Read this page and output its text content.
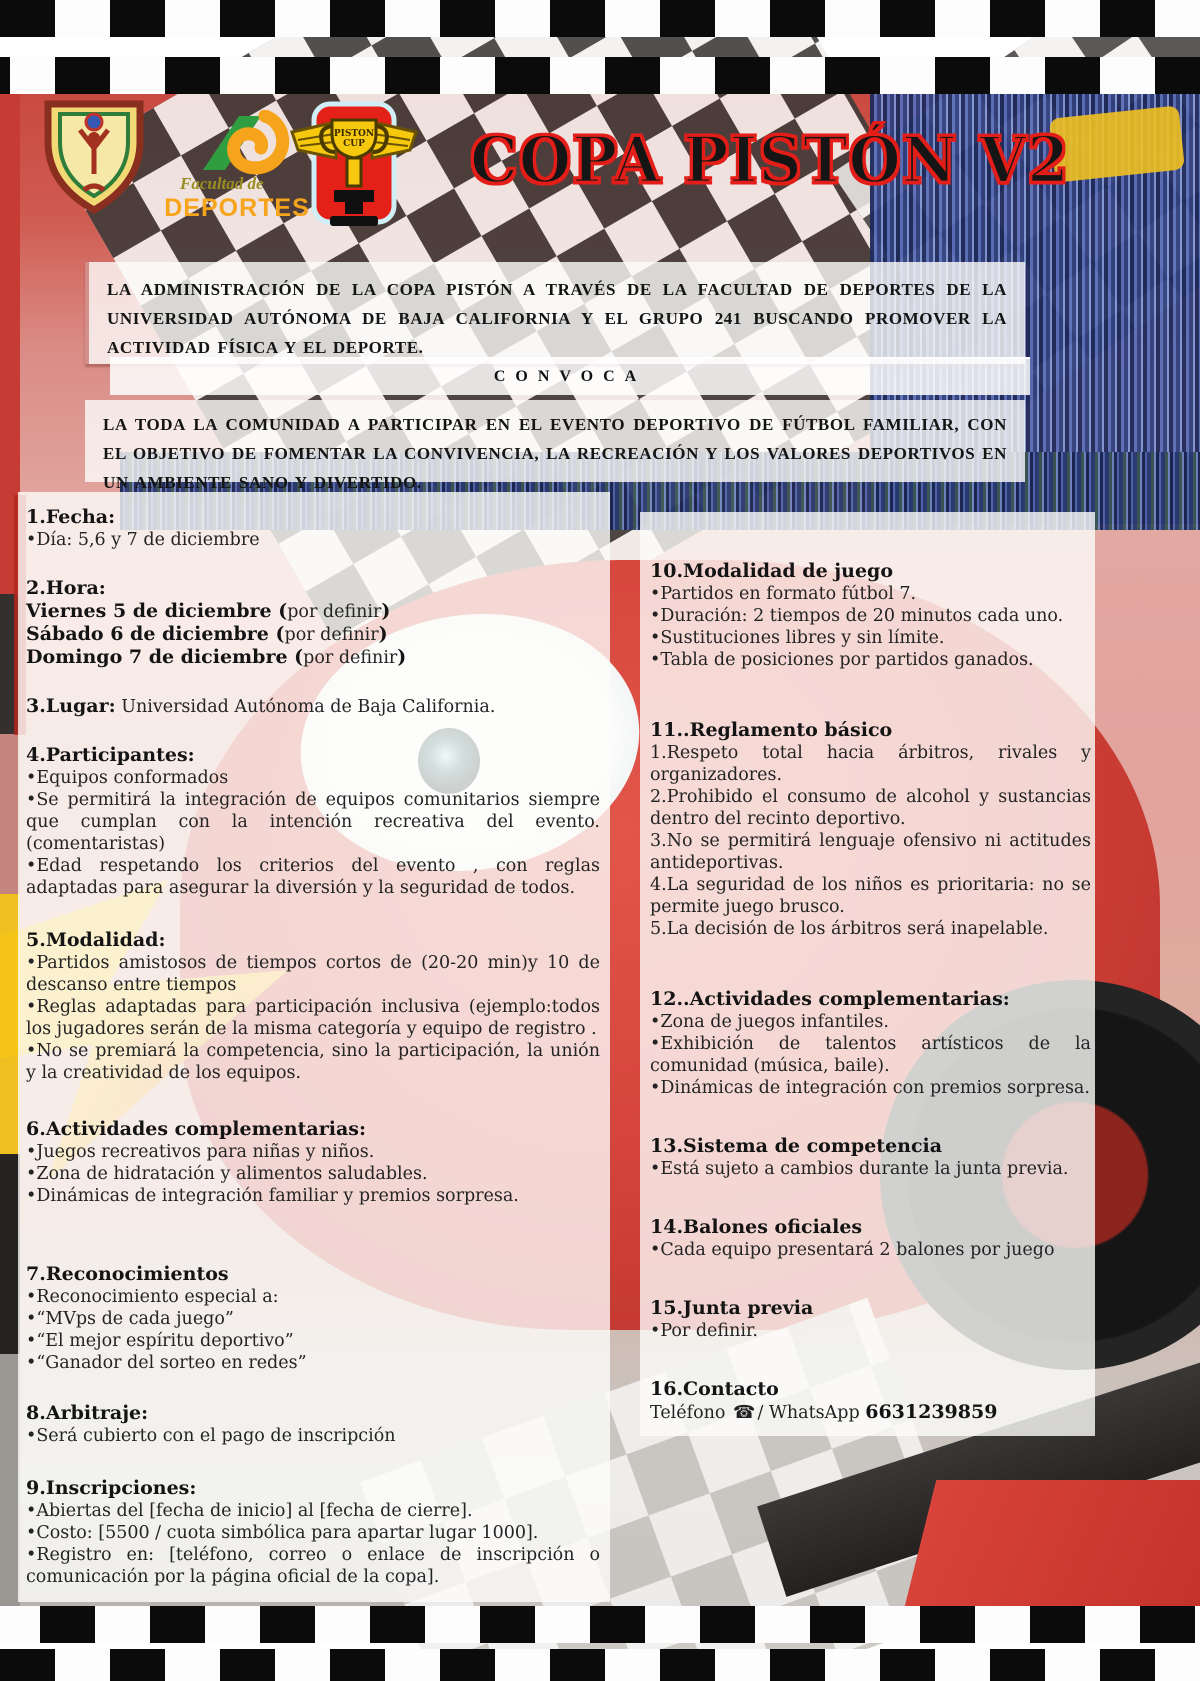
Facultad de

DEPORTES

PISTON
CUP	COPA PISTÓN V2

LA ADMINISTRACIÓN DE LA COPA PISTÓN A TRAVÉS DE LA FACULTAD DE DEPORTES DE LA UNIVERSIDAD AUTÓNOMA DE BAJA CALIFORNIA Y EL GRUPO 241 BUSCANDO PROMOVER LA ACTIVIDAD FÍSICA Y EL DEPORTE.

CONVOCA

LA TODA LA COMUNIDAD A PARTICIPAR EN EL EVENTO DEPORTIVO DE FÚTBOL FAMILIAR, CON EL OBJETIVO DE FOMENTAR LA CONVIVENCIA, LA RECREACIÓN Y LOS VALORES DEPORTIVOS EN UN AMBIENTE SANO Y DIVERTIDO.

1.Fecha:

•Día: 5,6 y 7 de diciembre

2.Hora:

Viernes 5 de diciembre (por definir)

Sábado 6 de diciembre (por definir)

Domingo 7 de diciembre (por definir)

3.Lugar: Universidad Autónoma de Baja California.

4.Participantes:

•Equipos conformados

•Se permitirá la integración de equipos comunitarios siempre que cumplan con la intención recreativa del evento.(comentaristas)

•Edad respetando los criterios del evento , con reglas adaptadas para asegurar la diversión y la seguridad de todos.

5.Modalidad:

•Partidos amistosos de tiempos cortos de (20-20 min)y 10 de descanso entre tiempos

•Reglas adaptadas para participación inclusiva (ejemplo:todos los jugadores serán de la misma categoría y equipo de registro .

•No se premiará la competencia, sino la participación, la unión y la creatividad de los equipos.

6.Actividades complementarias:

•Juegos recreativos para niñas y niños.

•Zona de hidratación y alimentos saludables.

•Dinámicas de integración familiar y premios sorpresa.

7.Reconocimientos

•Reconocimiento especial a:

•“MVps de cada juego”

•“El mejor espíritu deportivo”

•“Ganador del sorteo en redes”

8.Arbitraje:

•Será cubierto con el pago de inscripción

9.Inscripciones:

•Abiertas del [fecha de inicio] al [fecha de cierre].

•Costo: [5500 / cuota simbólica para apartar lugar 1000].

•Registro en: [teléfono, correo o enlace de inscripción o comunicación por la página oficial de la copa].

10.Modalidad de juego

•Partidos en formato fútbol 7.

•Duración: 2 tiempos de 20 minutos cada uno.

•Sustituciones libres y sin límite.

•Tabla de posiciones por partidos ganados.

11..Reglamento básico

1.Respeto total hacia árbitros, rivales y organizadores.

2.Prohibido el consumo de alcohol y sustancias dentro del recinto deportivo.

3.No se permitirá lenguaje ofensivo ni actitudes antideportivas.

4.La seguridad de los niños es prioritaria: no se permite juego brusco.

5.La decisión de los árbitros será inapelable.

12..Actividades complementarias:

•Zona de juegos infantiles.

•Exhibición de talentos artísticos de la comunidad (música, baile).

•Dinámicas de integración con premios sorpresa.

13.Sistema de competencia

•Está sujeto a cambios durante la junta previa.

14.Balones oficiales

•Cada equipo presentará 2 balones por juego

15.Junta previa

•Por definir.

16.Contacto

Teléfono ☎ / WhatsApp 6631239859
